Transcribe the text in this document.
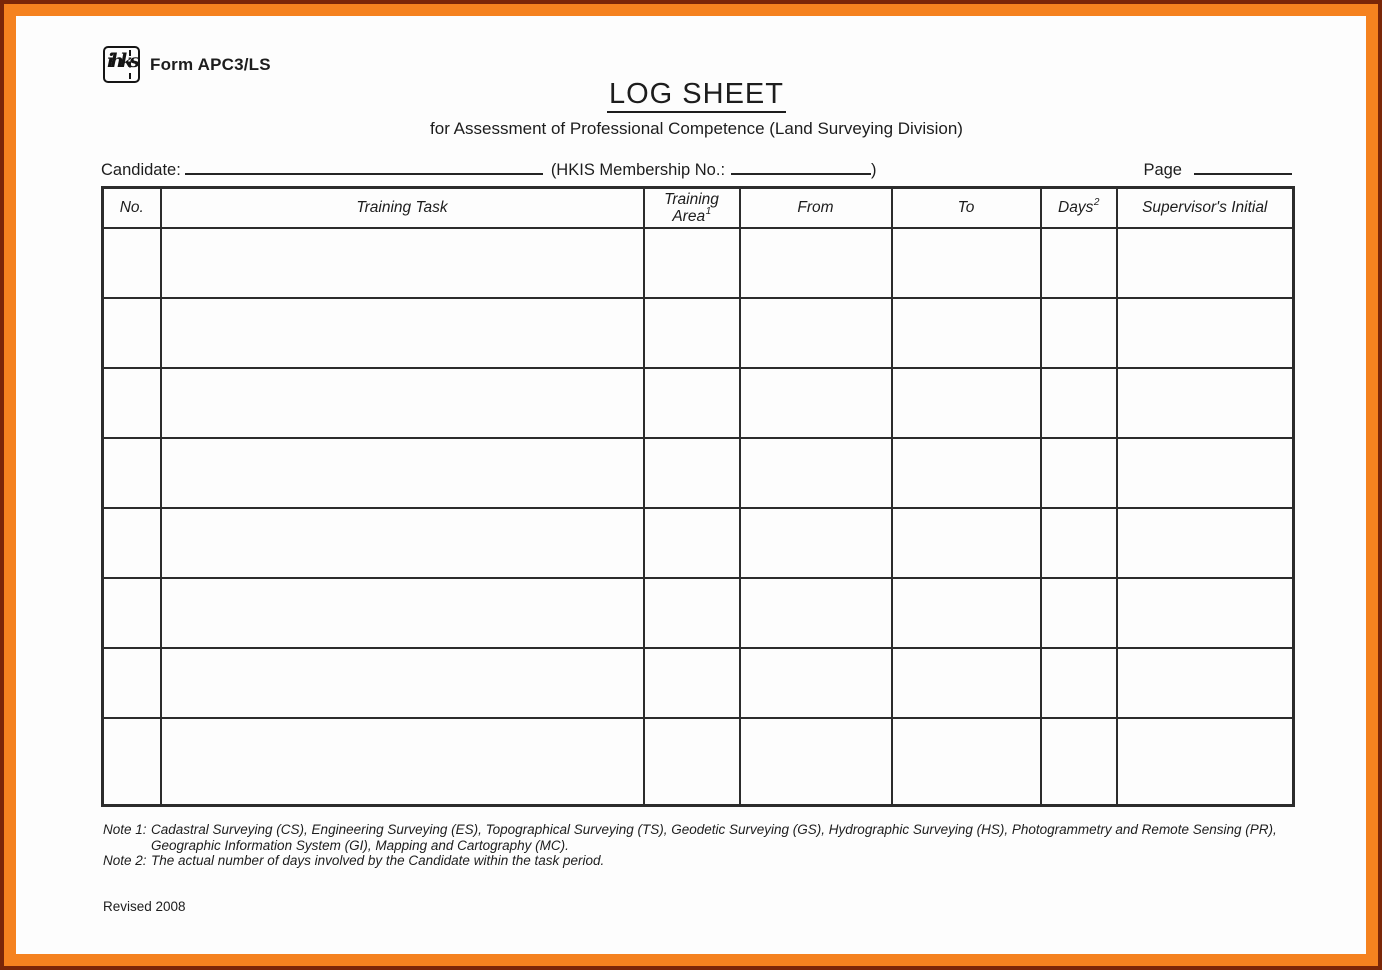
ihks Form APC3/LS
LOG SHEET
for Assessment of Professional Competence (Land Surveying Division)
Candidate:	(HKIS Membership No.:	)	Page
No.	Training Task	Training Area$^1$	From	To	Days$^2$	Supervisor's Initial

Note 1: Cadastral Surveying (CS), Engineering Surveying (ES), Topographical Surveying (TS), Geodetic Surveying (GS), Hydrographic Surveying (HS), Photogrammetry and Remote Sensing (PR),
Geographic Information System (GI), Mapping and Cartography (MC).
Note 2: The actual number of days involved by the Candidate within the task period.
Revised 2008
